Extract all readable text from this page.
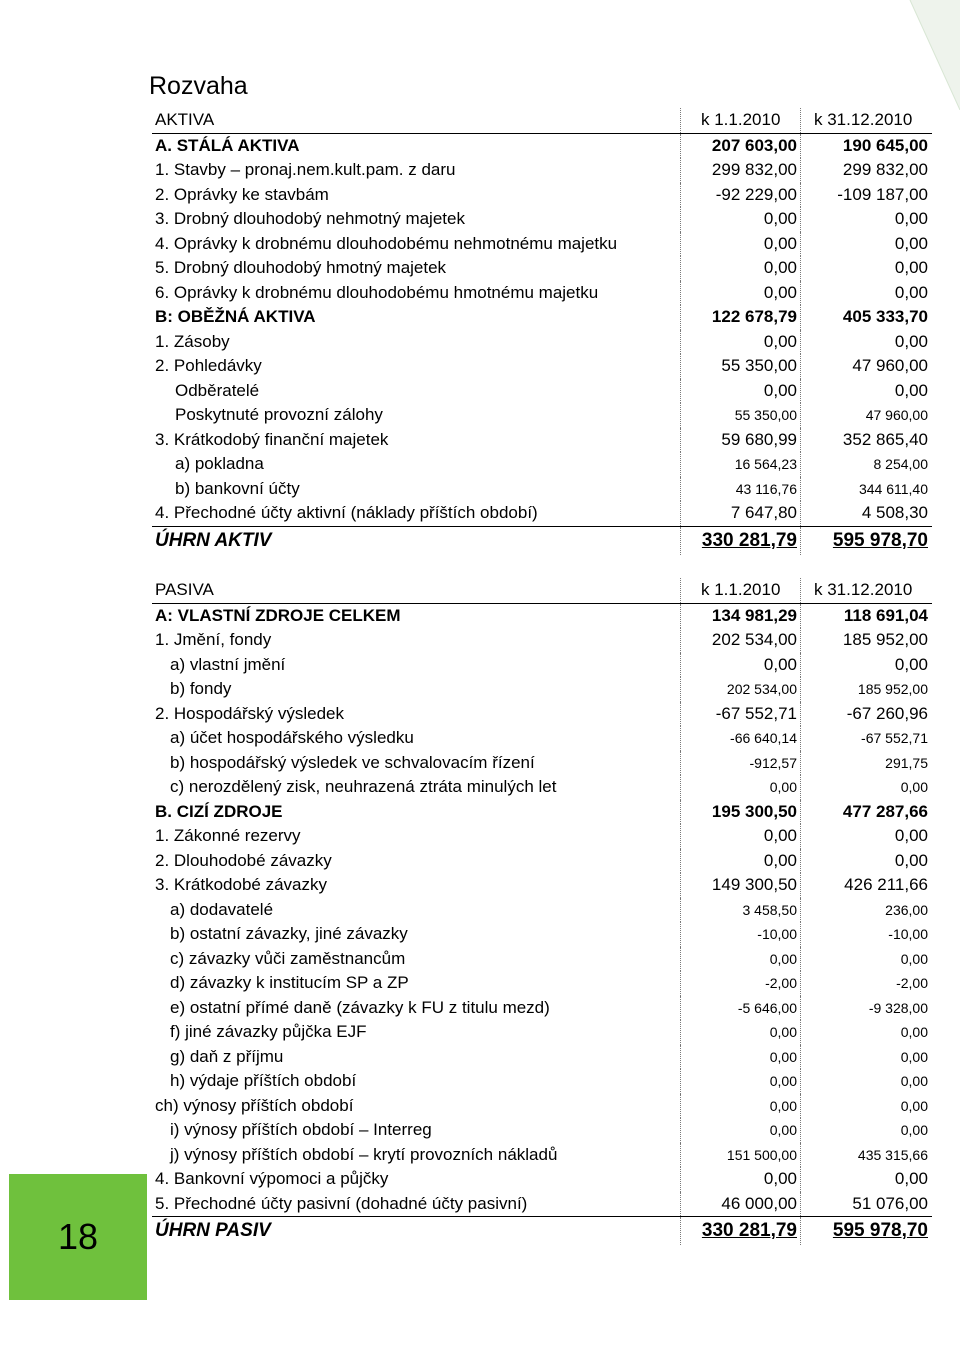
18
Rozvaha
AKTIVA	k 1.1.2010	k 31.12.2010
A. STÁLÁ AKTIVA	207 603,00	190 645,00
1. Stavby – pronaj.nem.kult.pam. z daru	299 832,00	299 832,00
2. Oprávky ke stavbám	-92 229,00	-109 187,00
3. Drobný dlouhodobý nehmotný majetek	0,00	0,00
4. Oprávky k drobnému dlouhodobému nehmotnému majetku	0,00	0,00
5. Drobný dlouhodobý hmotný majetek	0,00	0,00
6. Oprávky k drobnému dlouhodobému hmotnému majetku	0,00	0,00
B: OBĚŽNÁ AKTIVA	122 678,79	405 333,70
1. Zásoby	0,00	0,00
2. Pohledávky	55 350,00	47 960,00
Odběratelé	0,00	0,00
Poskytnuté provozní zálohy	55 350,00	47 960,00
3. Krátkodobý finanční majetek	59 680,99	352 865,40
a) pokladna	16 564,23	8 254,00
b) bankovní účty	43 116,76	344 611,40
4. Přechodné účty aktivní (náklady příštích období)	7 647,80	4 508,30
ÚHRN AKTIV	330 281,79	595 978,70
PASIVA	k 1.1.2010	k 31.12.2010
A: VLASTNÍ ZDROJE CELKEM	134 981,29	118 691,04
1. Jmění, fondy	202 534,00	185 952,00
a) vlastní jmění	0,00	0,00
b) fondy	202 534,00	185 952,00
2. Hospodářský výsledek	-67 552,71	-67 260,96
a) účet hospodářského výsledku	-66 640,14	-67 552,71
b) hospodářský výsledek ve schvalovacím řízení	-912,57	291,75
c) nerozdělený zisk, neuhrazená ztráta minulých let	0,00	0,00
B. CIZÍ ZDROJE	195 300,50	477 287,66
1. Zákonné rezervy	0,00	0,00
2. Dlouhodobé závazky	0,00	0,00
3. Krátkodobé závazky	149 300,50	426 211,66
a) dodavatelé	3 458,50	236,00
b) ostatní závazky, jiné závazky	-10,00	-10,00
c) závazky vůči zaměstnancům	0,00	0,00
d) závazky k institucím SP a ZP	-2,00	-2,00
e) ostatní přímé daně (závazky k FU z titulu mezd)	-5 646,00	-9 328,00
f) jiné závazky půjčka EJF	0,00	0,00
g) daň z příjmu	0,00	0,00
h) výdaje příštích období	0,00	0,00
ch) výnosy příštích období	0,00	0,00
i) výnosy příštích období – Interreg	0,00	0,00
j) výnosy příštích období – krytí provozních nákladů	151 500,00	435 315,66
4. Bankovní výpomoci a půjčky	0,00	0,00
5. Přechodné účty pasivní (dohadné účty pasivní)	46 000,00	51 076,00
ÚHRN PASIV	330 281,79	595 978,70
